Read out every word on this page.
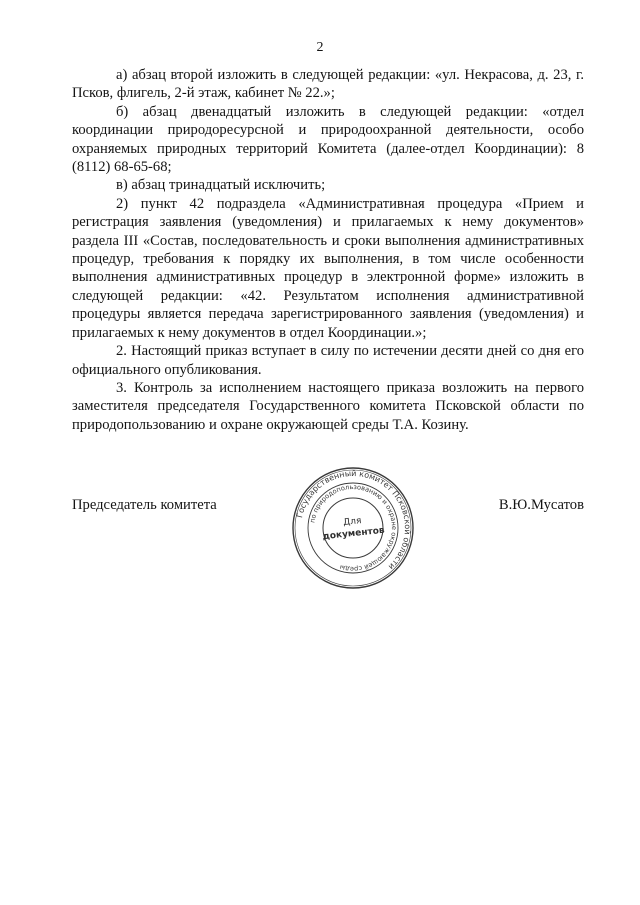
2

а) абзац второй изложить в следующей редакции: «ул. Некрасова, д. 23, г. Псков, флигель, 2-й этаж, кабинет № 22.»;

б) абзац двенадцатый изложить в следующей редакции: «отдел координации природоресурсной и природоохранной деятельности, особо охраняемых природных территорий Комитета (далее-отдел Координации): 8 (8112) 68-65-68;

в) абзац тринадцатый исключить;

2) пункт 42 подраздела «Административная процедура «Прием и регистрация заявления (уведомления) и прилагаемых к нему документов» раздела III «Состав, последовательность и сроки выполнения административных процедур, требования к порядку их выполнения, в том числе особенности выполнения административных процедур в электронной форме» изложить в следующей редакции: «42. Результатом исполнения административной процедуры является передача зарегистрированного заявления (уведомления) и прилагаемых к нему документов в отдел Координации.»;

2. Настоящий приказ вступает в силу по истечении десяти дней со дня его официального опубликования.

3. Контроль за исполнением настоящего приказа возложить на первого заместителя председателя Государственного комитета Псковской области по природопользованию и охране окружающей среды Т.А. Козину.

Председатель комитета	В.Ю.Мусатов
Государственный комитет Псковской области
по природопользованию и охране окружающей среды
Для
документов
